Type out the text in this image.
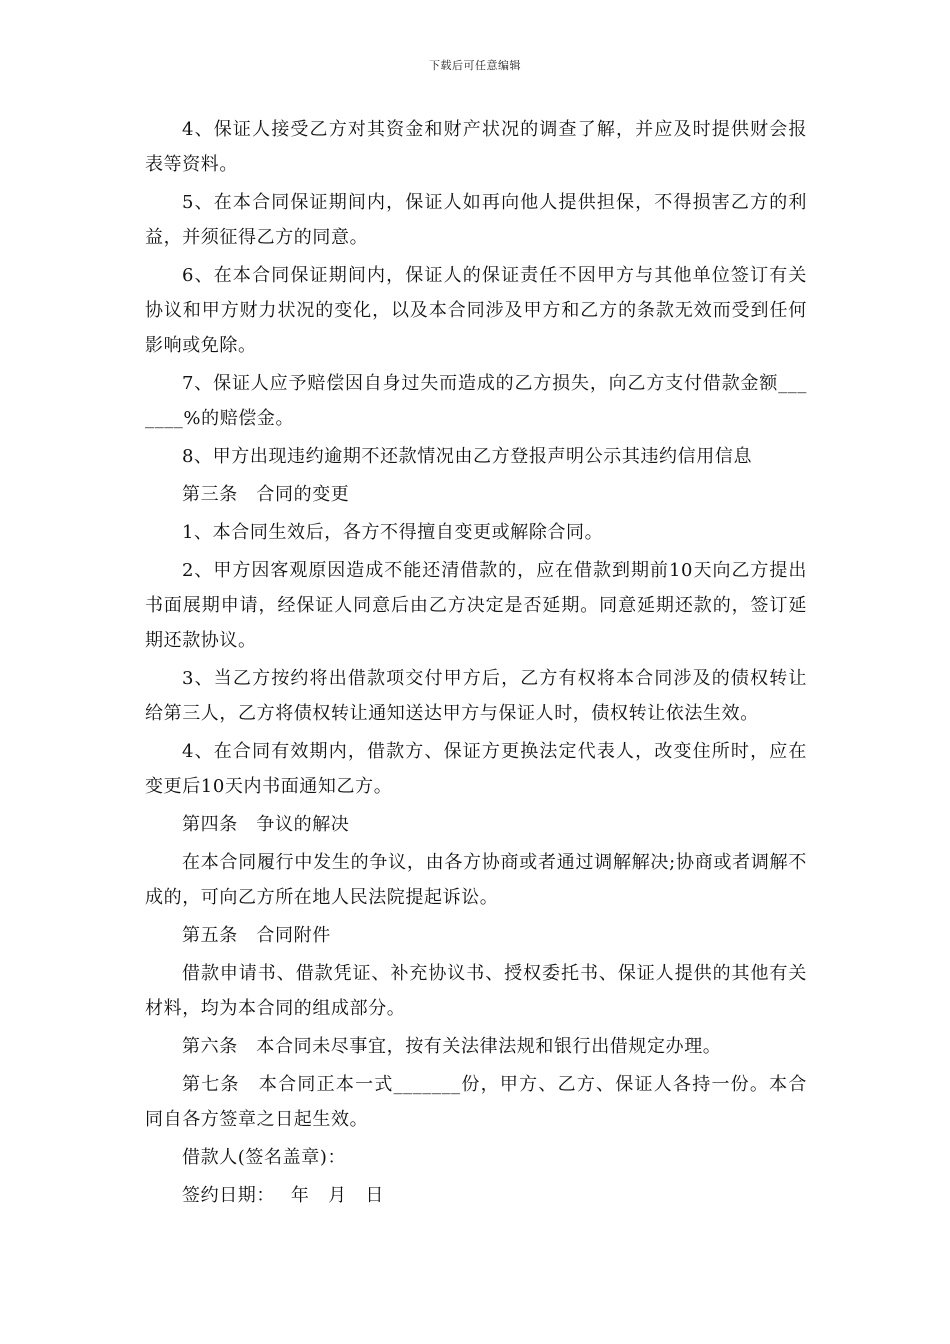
下载后可任意编辑

4、保证人接受乙方对其资金和财产状况的调查了解，并应及时提供财会报表等资料。

5、在本合同保证期间内，保证人如再向他人提供担保，不得损害乙方的利益，并须征得乙方的同意。

6、在本合同保证期间内，保证人的保证责任不因甲方与其他单位签订有关协议和甲方财力状况的变化，以及本合同涉及甲方和乙方的条款无效而受到任何影响或免除。

7、保证人应予赔偿因自身过失而造成的乙方损失，向乙方支付借款金额_______%的赔偿金。

8、甲方出现违约逾期不还款情况由乙方登报声明公示其违约信用信息

第三条　合同的变更

1、本合同生效后，各方不得擅自变更或解除合同。

2、甲方因客观原因造成不能还清借款的，应在借款到期前10天向乙方提出书面展期申请，经保证人同意后由乙方决定是否延期。同意延期还款的，签订延期还款协议。

3、当乙方按约将出借款项交付甲方后，乙方有权将本合同涉及的债权转让给第三人，乙方将债权转让通知送达甲方与保证人时，债权转让依法生效。

4、在合同有效期内，借款方、保证方更换法定代表人，改变住所时，应在变更后10天内书面通知乙方。

第四条　争议的解决

在本合同履行中发生的争议，由各方协商或者通过调解解决;协商或者调解不成的，可向乙方所在地人民法院提起诉讼。

第五条　合同附件

借款申请书、借款凭证、补充协议书、授权委托书、保证人提供的其他有关材料，均为本合同的组成部分。

第六条　本合同未尽事宜，按有关法律法规和银行出借规定办理。

第七条　本合同正本一式_______份，甲方、乙方、保证人各持一份。本合同自各方签章之日起生效。

借款人(签名盖章)：

签约日期：　 年　月　日
